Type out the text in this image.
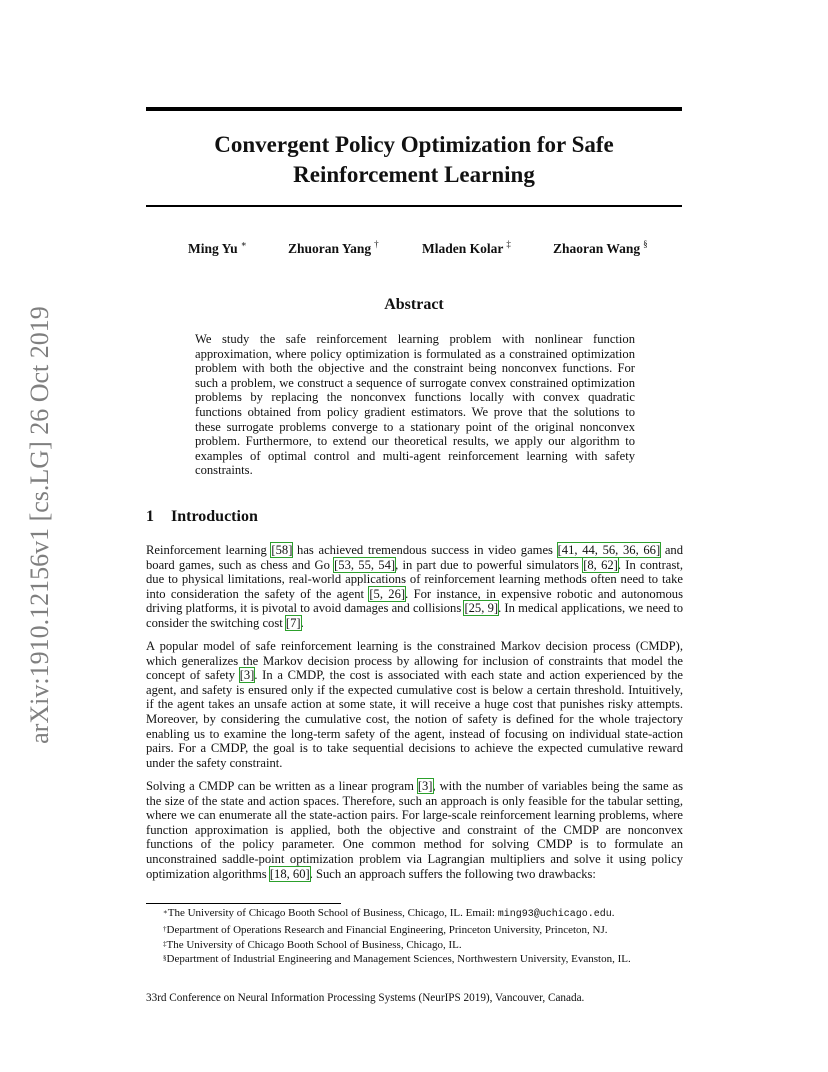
Convergent Policy Optimization for Safe
Reinforcement Learning
Ming Yu ∗	Zhuoran Yang †	Mladen Kolar ‡	Zhaoran Wang §
arXiv:1910.12156v1 [cs.LG] 26 Oct 2019
Abstract

We study the safe reinforcement learning problem with nonlinear function approximation, where policy optimization is formulated as a constrained optimization problem with both the objective and the constraint being nonconvex functions. For such a problem, we construct a sequence of surrogate convex constrained optimization problems by replacing the nonconvex functions locally with convex quadratic functions obtained from policy gradient estimators. We prove that the solutions to these surrogate problems converge to a stationary point of the original nonconvex problem. Furthermore, to extend our theoretical results, we apply our algorithm to examples of optimal control and multi-agent reinforcement learning with safety constraints.

1 Introduction

Reinforcement learning [58] has achieved tremendous success in video games [41, 44, 56, 36, 66] and board games, such as chess and Go [53, 55, 54], in part due to powerful simulators [8, 62]. In contrast, due to physical limitations, real-world applications of reinforcement learning methods often need to take into consideration the safety of the agent [5, 26]. For instance, in expensive robotic and autonomous driving platforms, it is pivotal to avoid damages and collisions [25, 9]. In medical applications, we need to consider the switching cost [7].

A popular model of safe reinforcement learning is the constrained Markov decision process (CMDP), which generalizes the Markov decision process by allowing for inclusion of constraints that model the concept of safety [3]. In a CMDP, the cost is associated with each state and action experienced by the agent, and safety is ensured only if the expected cumulative cost is below a certain threshold. Intuitively, if the agent takes an unsafe action at some state, it will receive a huge cost that punishes risky attempts. Moreover, by considering the cumulative cost, the notion of safety is defined for the whole trajectory enabling us to examine the long-term safety of the agent, instead of focusing on individual state-action pairs. For a CMDP, the goal is to take sequential decisions to achieve the expected cumulative reward under the safety constraint.

Solving a CMDP can be written as a linear program [3], with the number of variables being the same as the size of the state and action spaces. Therefore, such an approach is only feasible for the tabular setting, where we can enumerate all the state-action pairs. For large-scale reinforcement learning problems, where function approximation is applied, both the objective and constraint of the CMDP are nonconvex functions of the policy parameter. One common method for solving CMDP is to formulate an unconstrained saddle-point optimization problem via Lagrangian multipliers and solve it using policy optimization algorithms [18, 60]. Such an approach suffers the following two drawbacks:

∗The University of Chicago Booth School of Business, Chicago, IL. Email: ming93@uchicago.edu.
†Department of Operations Research and Financial Engineering, Princeton University, Princeton, NJ.
‡The University of Chicago Booth School of Business, Chicago, IL.
§Department of Industrial Engineering and Management Sciences, Northwestern University, Evanston, IL.
33rd Conference on Neural Information Processing Systems (NeurIPS 2019), Vancouver, Canada.
